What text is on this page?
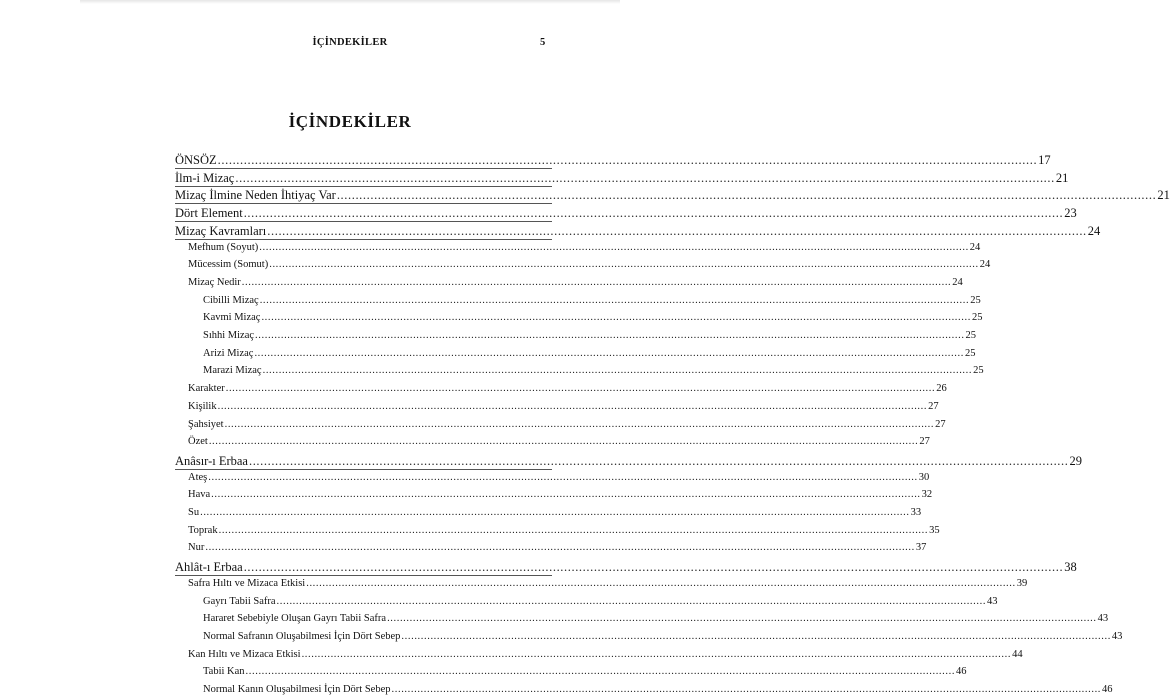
İÇİNDEKİLER	5
İÇİNDEKİLER
ÖNSÖZ ............................................................................................................................................................................................................................ 17
İlm-i Mizaç ............................................................................................................................................................................................................................ 21
Mizaç İlmine Neden İhtiyaç Var ............................................................................................................................................................................................................................ 21
Dört Element ............................................................................................................................................................................................................................ 23
Mizaç Kavramları ............................................................................................................................................................................................................................ 24
Mefhum (Soyut) ............................................................................................................................................................................................................................ 24
Mücessim (Somut) ............................................................................................................................................................................................................................ 24
Mizaç Nedir ............................................................................................................................................................................................................................ 24
Cibilli Mizaç ............................................................................................................................................................................................................................ 25
Kavmi Mizaç ............................................................................................................................................................................................................................ 25
Sıhhi Mizaç ............................................................................................................................................................................................................................ 25
Arizi Mizaç ............................................................................................................................................................................................................................ 25
Marazi Mizaç ............................................................................................................................................................................................................................ 25
Karakter ............................................................................................................................................................................................................................ 26
Kişilik ............................................................................................................................................................................................................................ 27
Şahsiyet ............................................................................................................................................................................................................................ 27
Özet ............................................................................................................................................................................................................................ 27
Anâsır-ı Erbaa ............................................................................................................................................................................................................................ 29
Ateş ............................................................................................................................................................................................................................ 30
Hava ............................................................................................................................................................................................................................ 32
Su ............................................................................................................................................................................................................................ 33
Toprak ............................................................................................................................................................................................................................ 35
Nur ............................................................................................................................................................................................................................ 37
Ahlât-ı Erbaa ............................................................................................................................................................................................................................ 38
Safra Hıltı ve Mizaca Etkisi ............................................................................................................................................................................................................................ 39
Gayrı Tabii Safra ............................................................................................................................................................................................................................ 43
Hararet Sebebiyle Oluşan Gayrı Tabii Safra ............................................................................................................................................................................................................................ 43
Normal Safranın Oluşabilmesi İçin Dört Sebep ............................................................................................................................................................................................................................ 43
Kan Hıltı ve Mizaca Etkisi ............................................................................................................................................................................................................................ 44
Tabii Kan ............................................................................................................................................................................................................................ 46
Normal Kanın Oluşabilmesi İçin Dört Sebep ............................................................................................................................................................................................................................ 46
